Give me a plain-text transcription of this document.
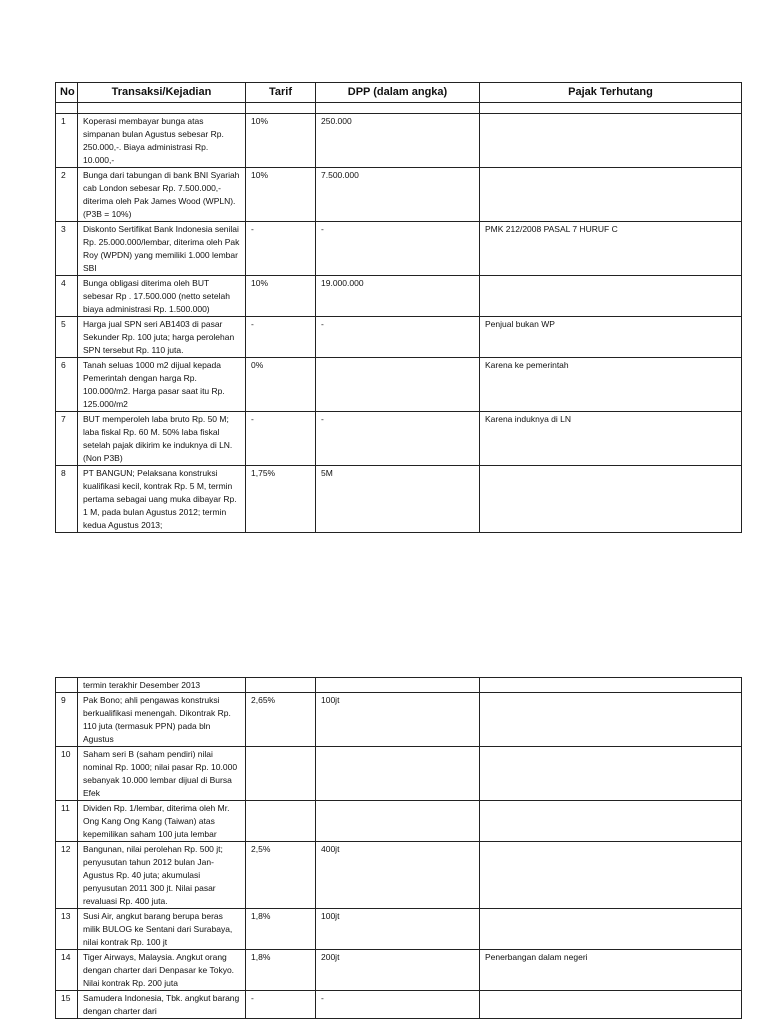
No	Transaksi/Kejadian	Tarif	DPP (dalam angka)	Pajak Terhutang

1	Koperasi membayar bunga atas simpanan bulan Agustus sebesar Rp. 250.000,-. Biaya administrasi Rp. 10.000,-	10%	250.000	
2	Bunga dari tabungan di bank BNI Syariah cab London sebesar Rp. 7.500.000,- diterima oleh Pak James Wood (WPLN). (P3B = 10%)	10%	7.500.000	
3	Diskonto Sertifikat Bank Indonesia senilai Rp. 25.000.000/lembar, diterima oleh Pak Roy (WPDN) yang memiliki 1.000 lembar SBI	-	-	PMK 212/2008 PASAL 7 HURUF C
4	Bunga obligasi diterima oleh BUT sebesar Rp . 17.500.000 (netto setelah biaya administrasi Rp. 1.500.000)	10%	19.000.000	
5	Harga jual SPN seri AB1403 di pasar Sekunder Rp. 100 juta; harga perolehan SPN tersebut Rp. 110 juta.	-	-	Penjual bukan WP
6	Tanah seluas 1000 m2 dijual kepada Pemerintah dengan harga Rp. 100.000/m2. Harga pasar saat itu Rp. 125.000/m2	0%		Karena ke pemerintah
7	BUT memperoleh laba bruto Rp. 50 M; laba fiskal Rp. 60 M. 50% laba fiskal setelah pajak dikirim ke induknya di LN. (Non P3B)	-	-	Karena induknya di LN
8	PT BANGUN; Pelaksana konstruksi kualifikasi kecil, kontrak Rp. 5 M, termin pertama sebagai uang muka dibayar Rp. 1 M, pada bulan Agustus 2012; termin kedua Agustus 2013;	1,75%	5M	
	termin terakhir Desember 2013			
9	Pak Bono; ahli pengawas konstruksi berkualifikasi menengah. Dikontrak Rp. 110 juta (termasuk PPN) pada bln Agustus	2,65%	100jt	
10	Saham seri B (saham pendiri) nilai nominal Rp. 1000; nilai pasar Rp. 10.000 sebanyak 10.000 lembar dijual di Bursa Efek			
11	Dividen Rp. 1/lembar, diterima oleh Mr. Ong Kang Ong Kang (Taiwan) atas kepemilikan saham 100 juta lembar			
12	Bangunan, nilai perolehan Rp. 500 jt; penyusutan tahun 2012 bulan Jan-Agustus Rp. 40 juta; akumulasi penyusutan 2011 300 jt. Nilai pasar revaluasi Rp. 400 juta.	2,5%	400jt	
13	Susi Air, angkut barang berupa beras milik BULOG ke Sentani dari Surabaya, nilai kontrak Rp. 100 jt	1,8%	100jt	
14	Tiger Airways, Malaysia. Angkut orang dengan charter dari Denpasar ke Tokyo. Nilai kontrak Rp. 200 juta	1,8%	200jt	Penerbangan dalam negeri
15	Samudera Indonesia, Tbk. angkut barang dengan charter dari	-	-	
